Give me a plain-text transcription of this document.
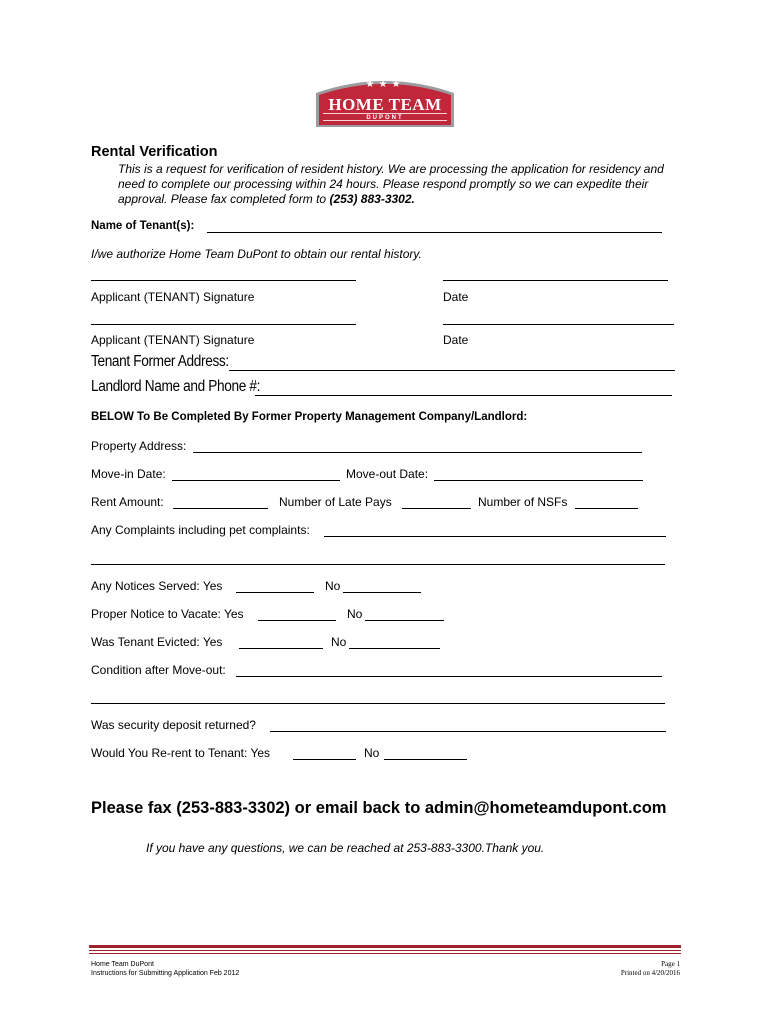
★★★
HOME TEAM
DUPONT
Rental Verification
This is a request for verification of resident history. We are processing the application for residency and need to complete our processing within 24 hours. Please respond promptly so we can expedite their approval. Please fax completed form to (253) 883-3302.
Name of Tenant(s):
I/we authorize Home Team DuPont to obtain our rental history.
Applicant (TENANT) Signature	Date
Applicant (TENANT) Signature	Date
Tenant Former Address:
Landlord Name and Phone #:
BELOW To Be Completed By Former Property Management Company/Landlord:
Property Address:
Move-in Date:	Move-out Date:
Rent Amount:	Number of Late Pays	Number of NSFs
Any Complaints including pet complaints:
Any Notices Served: Yes	No
Proper Notice to Vacate: Yes	No
Was Tenant Evicted: Yes	No
Condition after Move-out:
Was security deposit returned?
Would You Re-rent to Tenant: Yes	No
Please fax (253-883-3302) or email back to admin@hometeamdupont.com
If you have any questions, we can be reached at 253-883-3300.Thank you.
Home Team DuPont
Instructions for Submitting Application Feb 2012
Page 1
Printed on 4/20/2016
